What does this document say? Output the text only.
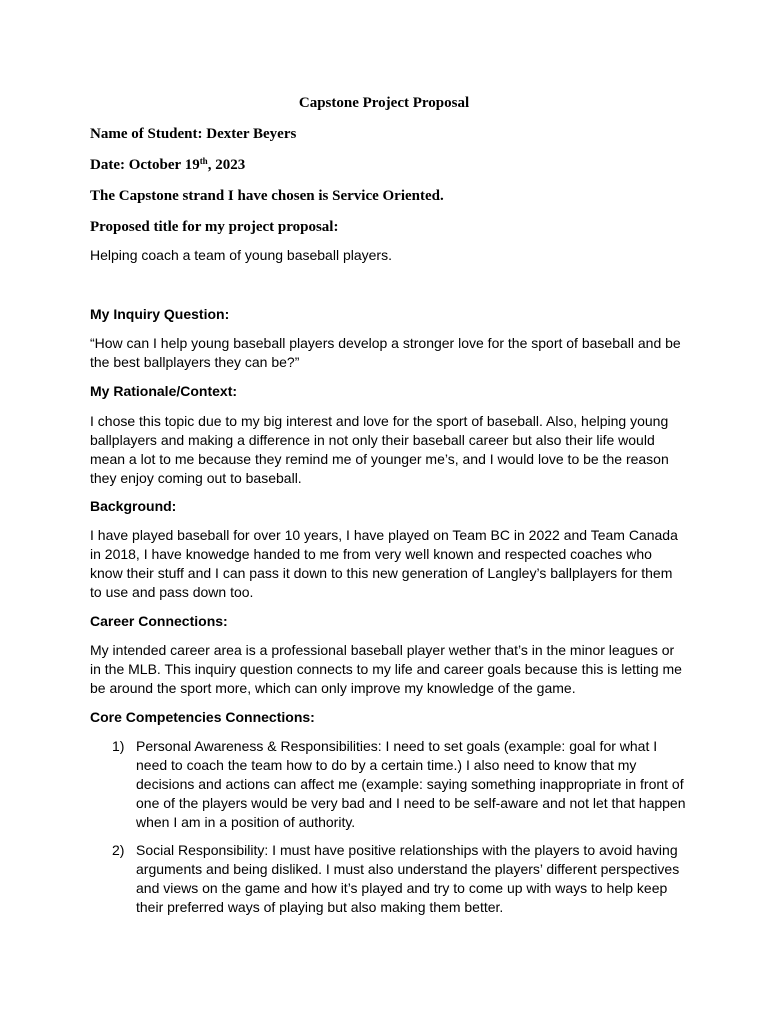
Capstone Project Proposal

Name of Student: Dexter Beyers

Date: October 19th, 2023

The Capstone strand I have chosen is Service Oriented.

Proposed title for my project proposal:

Helping coach a team of young baseball players.

My Inquiry Question:

“How can I help young baseball players develop a stronger love for the sport of baseball and be the best ballplayers they can be?”

My Rationale/Context:

I chose this topic due to my big interest and love for the sport of baseball. Also, helping young ballplayers and making a difference in not only their baseball career but also their life would mean a lot to me because they remind me of younger me’s, and I would love to be the reason they enjoy coming out to baseball.

Background:

I have played baseball for over 10 years, I have played on Team BC in 2022 and Team Canada in 2018, I have knowedge handed to me from very well known and respected coaches who know their stuff and I can pass it down to this new generation of Langley’s ballplayers for them to use and pass down too.

Career Connections:

My intended career area is a professional baseball player wether that’s in the minor leagues or in the MLB. This inquiry question connects to my life and career goals because this is letting me be around the sport more, which can only improve my knowledge of the game.

Core Competencies Connections:

1) Personal Awareness & Responsibilities: I need to set goals (example: goal for what I need to coach the team how to do by a certain time.) I also need to know that my decisions and actions can affect me (example: saying something inappropriate in front of one of the players would be very bad and I need to be self-aware and not let that happen when I am in a position of authority.
2) Social Responsibility: I must have positive relationships with the players to avoid having arguments and being disliked. I must also understand the players’ different perspectives and views on the game and how it’s played and try to come up with ways to help keep their preferred ways of playing but also making them better.
